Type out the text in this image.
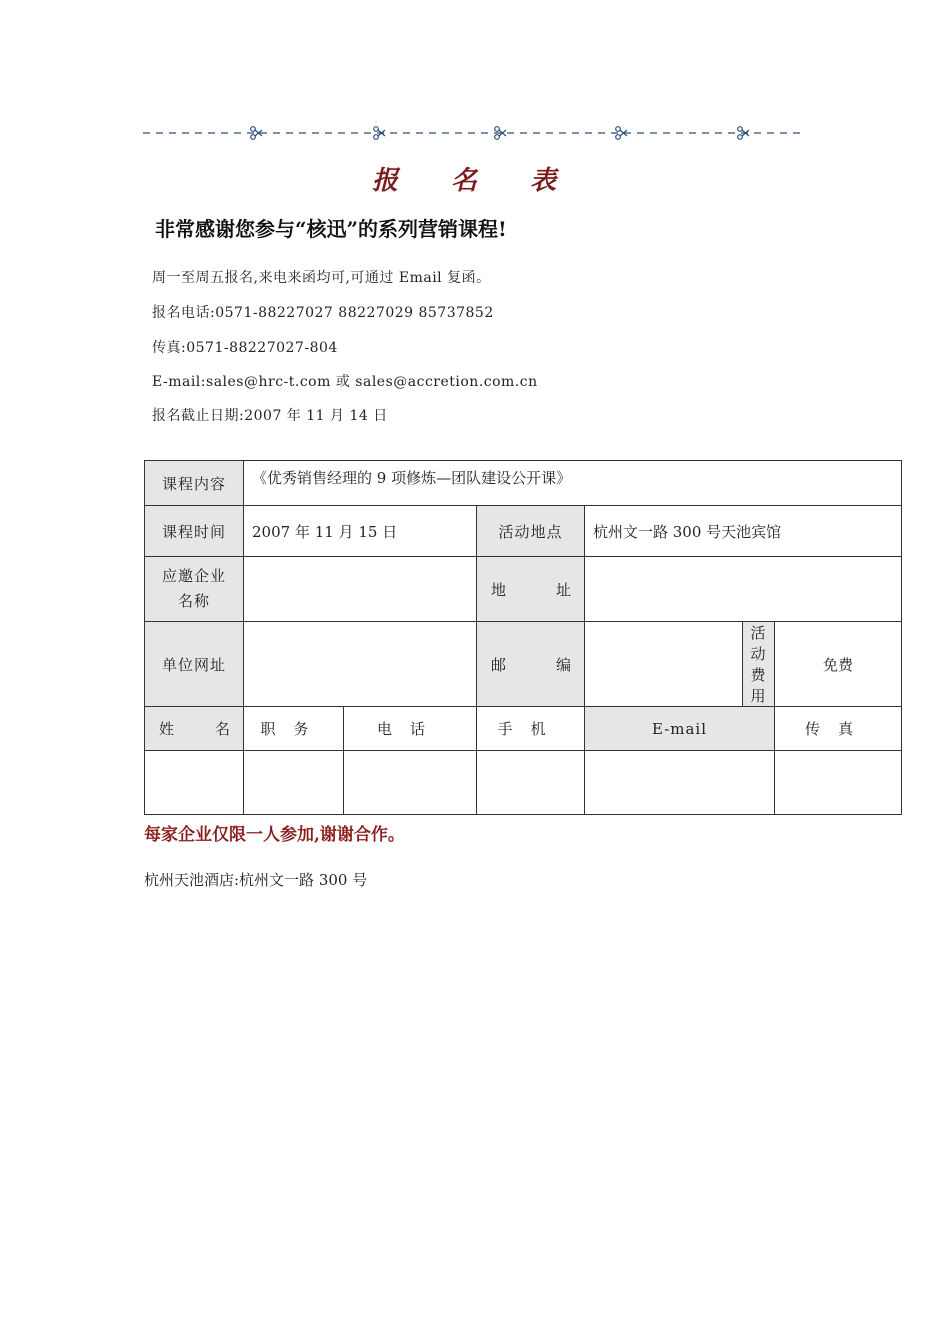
报 名 表
非常感谢您参与“核迅”的系列营销课程!
周一至周五报名,来电来函均可,可通过 Email 复函。
报名电话:0571-88227027 88227029 85737852
传真:0571-88227027-804
E-mail:sales@hrc-t.com 或 sales@accretion.com.cn
报名截止日期:2007 年 11 月 14 日
课程内容	《优秀销售经理的 9 项修炼—团队建设公开课》					
课程时间	2007 年 11 月 15 日		活动地点	杭州文一路 300 号天池宾馆		
应邀企业名称			地址			
单位网址			邮编		活动费用	免费
姓名	职务	电话	手机	E-mail		传真

每家企业仅限一人参加,谢谢合作。
杭州天池酒店:杭州文一路 300 号
